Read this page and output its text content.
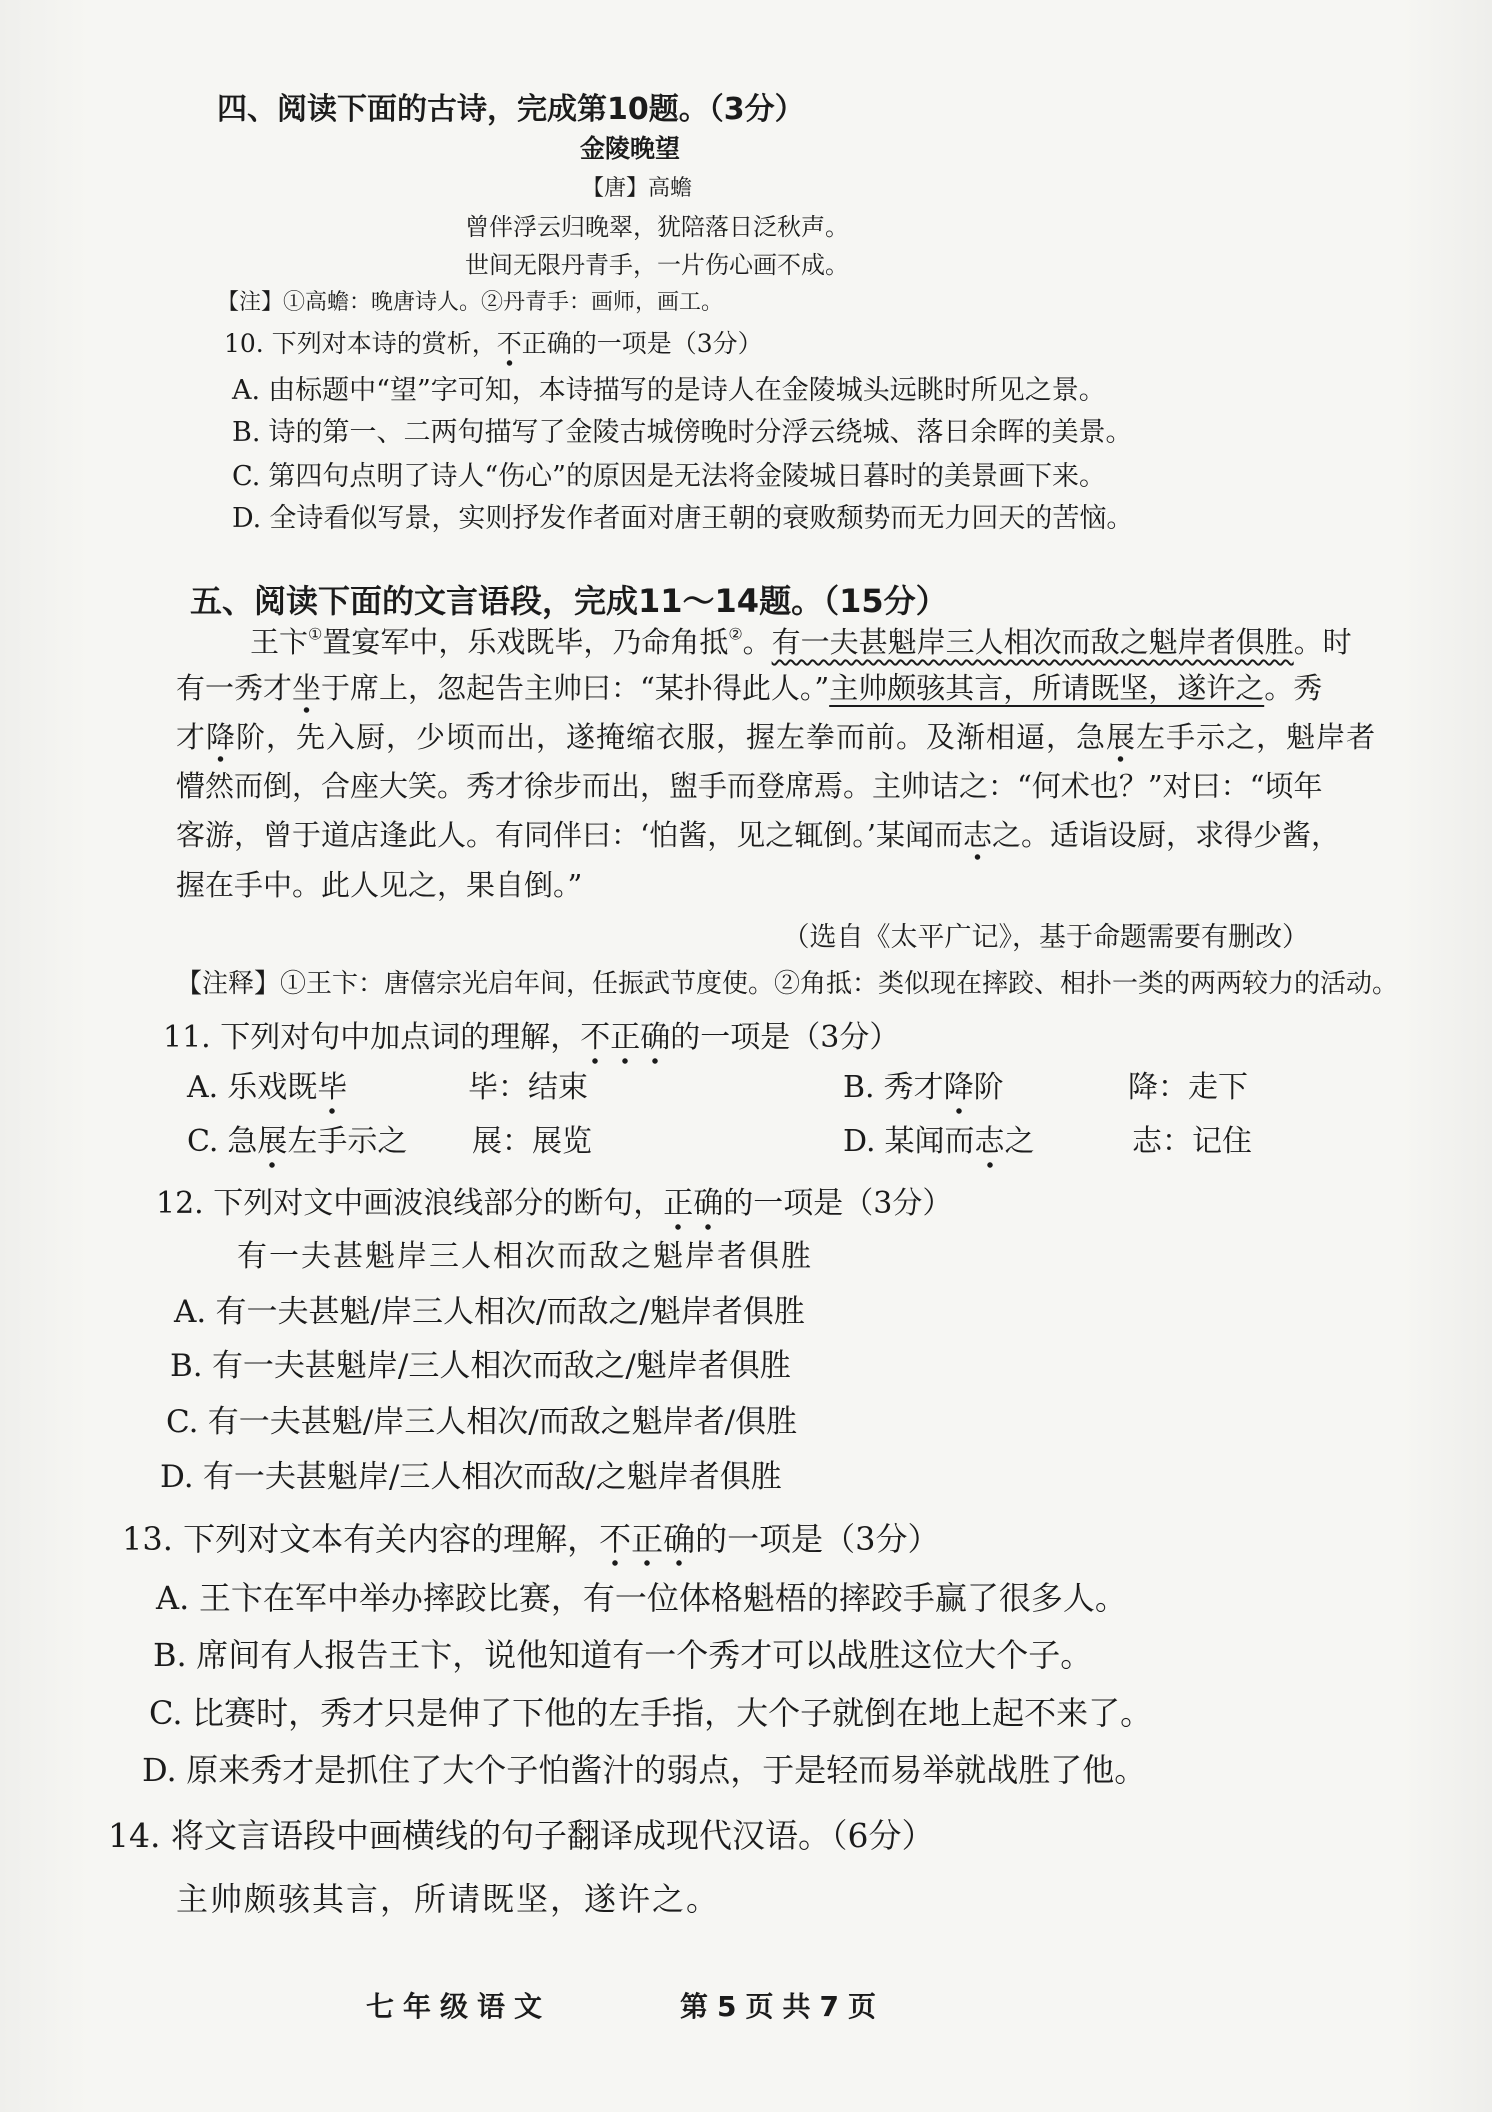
四、阅读下面的古诗，完成第10题。（3分）
金陵晚望
【唐】高蟾
曾伴浮云归晚翠，犹陪落日泛秋声。
世间无限丹青手，一片伤心画不成。
【注】①高蟾：晚唐诗人。②丹青手：画师，画工。
10. 下列对本诗的赏析，不正确的一项是（3分）
A. 由标题中“望”字可知，本诗描写的是诗人在金陵城头远眺时所见之景。
B. 诗的第一、二两句描写了金陵古城傍晚时分浮云绕城、落日余晖的美景。
C. 第四句点明了诗人“伤心”的原因是无法将金陵城日暮时的美景画下来。
D. 全诗看似写景，实则抒发作者面对唐王朝的衰败颓势而无力回天的苦恼。
五、阅读下面的文言语段，完成11～14题。（15分）
王卞①置宴军中，乐戏既毕，乃命角抵②。有一夫甚魁岸三人相次而敌之魁岸者俱胜。时
有一秀才坐于席上，忽起告主帅曰：“某扑得此人。”主帅颇骇其言，所请既坚，遂许之。秀
才降阶，先入厨，少顷而出，遂掩缩衣服，握左拳而前。及渐相逼，急展左手示之，魁岸者
懵然而倒，合座大笑。秀才徐步而出，盥手而登席焉。主帅诘之：“何术也？”对曰：“顷年
客游，曾于道店逢此人。有同伴曰：‘怕酱，见之辄倒。’某闻而志之。适诣设厨，求得少酱，
握在手中。此人见之，果自倒。”
（选自《太平广记》，基于命题需要有删改）
【注释】①王卞：唐僖宗光启年间，任振武节度使。②角抵：类似现在摔跤、相扑一类的两两较力的活动。
11. 下列对句中加点词的理解，不正确的一项是（3分）
A. 乐戏既毕	毕：结束	B. 秀才降阶	降：走下
C. 急展左手示之 展：展览	D. 某闻而志之	志：记住
12. 下列对文中画波浪线部分的断句，正确的一项是（3分）
有一夫甚魁岸三人相次而敌之魁岸者俱胜
A. 有一夫甚魁/岸三人相次/而敌之/魁岸者俱胜
B. 有一夫甚魁岸/三人相次而敌之/魁岸者俱胜
C. 有一夫甚魁/岸三人相次/而敌之魁岸者/俱胜
D. 有一夫甚魁岸/三人相次而敌/之魁岸者俱胜
13. 下列对文本有关内容的理解，不正确的一项是（3分）
A. 王卞在军中举办摔跤比赛，有一位体格魁梧的摔跤手赢了很多人。
B. 席间有人报告王卞，说他知道有一个秀才可以战胜这位大个子。
C. 比赛时，秀才只是伸了下他的左手指，大个子就倒在地上起不来了。
D. 原来秀才是抓住了大个子怕酱汁的弱点，于是轻而易举就战胜了他。
14. 将文言语段中画横线的句子翻译成现代汉语。（6分）
主帅颇骇其言，所请既坚，遂许之。
七年级语文	第5页共7页
